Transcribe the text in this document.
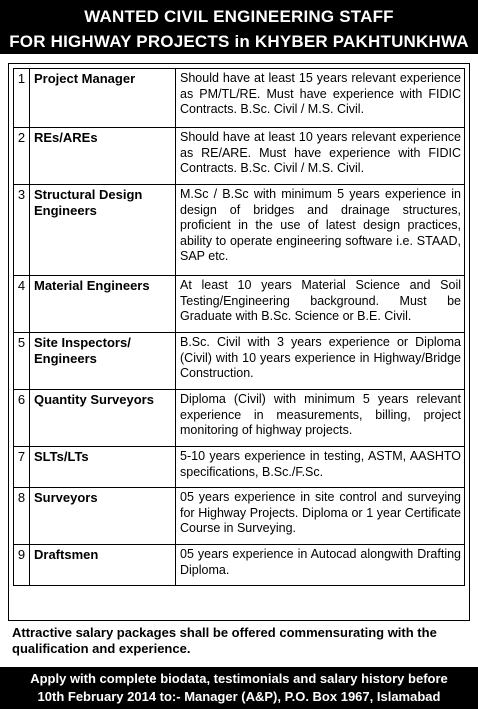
WANTED CIVIL ENGINEERING STAFF
FOR HIGHWAY PROJECTS in KHYBER PAKHTUNKHWA
1	Project Manager	Should have at least 15 years relevant experience as PM/TL/RE. Must have experience with FIDIC Contracts. B.Sc. Civil / M.S. Civil.
2	REs/AREs	Should have at least 10 years relevant experience as RE/ARE. Must have experience with FIDIC Contracts. B.Sc. Civil / M.S. Civil.
3	Structural Design Engineers	M.Sc / B.Sc with minimum 5 years experience in design of bridges and drainage structures, proficient in the use of latest design practices, ability to operate engineering software i.e. STAAD, SAP etc.
4	Material Engineers	At least 10 years Material Science and Soil Testing/Engineering background. Must be Graduate with B.Sc. Science or B.E. Civil.
5	Site Inspectors/ Engineers	B.Sc. Civil with 3 years experience or Diploma (Civil) with 10 years experience in Highway/Bridge Construction.
6	Quantity Surveyors	Diploma (Civil) with minimum 5 years relevant experience in measurements, billing, project monitoring of highway projects.
7	SLTs/LTs	5-10 years experience in testing, ASTM, AASHTO specifications, B.Sc./F.Sc.
8	Surveyors	05 years experience in site control and surveying for Highway Projects. Diploma or 1 year Certificate Course in Surveying.
9	Draftsmen	05 years experience in Autocad alongwith Drafting Diploma.
Attractive salary packages shall be offered commensurating with the qualification and experience.
Apply with complete biodata, testimonials and salary history before
10th February 2014 to:- Manager (A&P), P.O. Box 1967, Islamabad
